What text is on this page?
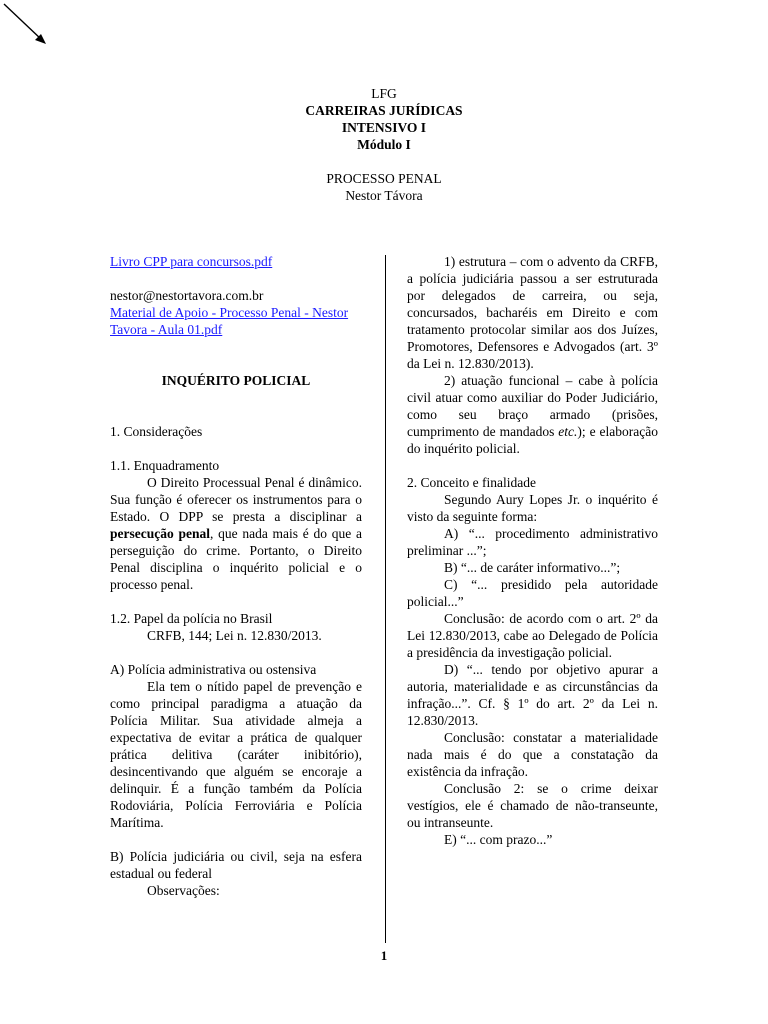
LFG
CARREIRAS JURÍDICAS
INTENSIVO I
Módulo I
PROCESSO PENAL
Nestor Távora

Livro CPP para concursos.pdf

nestor@nestortavora.com.br

Material de Apoio - Processo Penal - Nestor Tavora - Aula 01.pdf

INQUÉRITO POLICIAL

1. Considerações

1.1. Enquadramento

O Direito Processual Penal é dinâmico. Sua função é oferecer os instrumentos para o Estado. O DPP se presta a disciplinar a persecução penal, que nada mais é do que a perseguição do crime. Portanto, o Direito Penal disciplina o inquérito policial e o processo penal.

1.2. Papel da polícia no Brasil

CRFB, 144; Lei n. 12.830/2013.

A) Polícia administrativa ou ostensiva

Ela tem o nítido papel de prevenção e como principal paradigma a atuação da Polícia Militar. Sua atividade almeja a expectativa de evitar a prática de qualquer prática delitiva (caráter inibitório), desincentivando que alguém se encoraje a delinquir. É a função também da Polícia Rodoviária, Polícia Ferroviária e Polícia Marítima.

B) Polícia judiciária ou civil, seja na esfera estadual ou federal

Observações:

1) estrutura – com o advento da CRFB, a polícia judiciária passou a ser estruturada por delegados de carreira, ou seja, concursados, bacharéis em Direito e com tratamento protocolar similar aos dos Juízes, Promotores, Defensores e Advogados (art. 3º da Lei n. 12.830/2013).

2) atuação funcional – cabe à polícia civil atuar como auxiliar do Poder Judiciário, como seu braço armado (prisões, cumprimento de mandados etc.); e elaboração do inquérito policial.

2. Conceito e finalidade

Segundo Aury Lopes Jr. o inquérito é visto da seguinte forma:

A) “... procedimento administrativo preliminar ...”;

B) “... de caráter informativo...”;

C) “... presidido pela autoridade policial...”

Conclusão: de acordo com o art. 2º da Lei 12.830/2013, cabe ao Delegado de Polícia a presidência da investigação policial.

D) “... tendo por objetivo apurar a autoria, materialidade e as circunstâncias da infração...”. Cf. § 1º do art. 2º da Lei n. 12.830/2013.

Conclusão: constatar a materialidade nada mais é do que a constatação da existência da infração.

Conclusão 2: se o crime deixar vestígios, ele é chamado de não-transeunte, ou intranseunte.

E) “... com prazo...”

1
